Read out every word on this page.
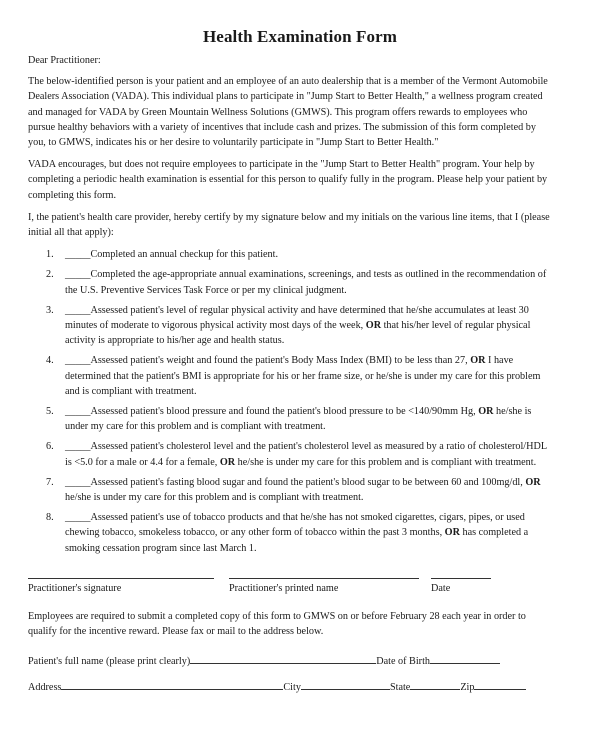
Health Examination Form

Dear Practitioner:

The below-identified person is your patient and an employee of an auto dealership that is a member of the Vermont Automobile Dealers Association (VADA). This individual plans to participate in "Jump Start to Better Health," a wellness program created and managed for VADA by Green Mountain Wellness Solutions (GMWS). This program offers rewards to employees who pursue healthy behaviors with a variety of incentives that include cash and prizes. The submission of this form completed by you, to GMWS, indicates his or her desire to voluntarily participate in "Jump Start to Better Health."

VADA encourages, but does not require employees to participate in the "Jump Start to Better Health" program. Your help by completing a periodic health examination is essential for this person to qualify fully in the program. Please help your patient by completing this form.

I, the patient's health care provider, hereby certify by my signature below and my initials on the various line items, that I (please initial all that apply):

1. _____Completed an annual checkup for this patient.
2. _____Completed the age-appropriate annual examinations, screenings, and tests as outlined in the recommendation of the U.S. Preventive Services Task Force or per my clinical judgment.
3. _____Assessed patient's level of regular physical activity and have determined that he/she accumulates at least 30 minutes of moderate to vigorous physical activity most days of the week, OR that his/her level of regular physical activity is appropriate to his/her age and health status.
4. _____Assessed patient's weight and found the patient's Body Mass Index (BMI) to be less than 27, OR I have determined that the patient's BMI is appropriate for his or her frame size, or he/she is under my care for this problem and is compliant with treatment.
5. _____Assessed patient's blood pressure and found the patient's blood pressure to be <140/90mm Hg, OR he/she is under my care for this problem and is compliant with treatment.
6. _____Assessed patient's cholesterol level and the patient's cholesterol level as measured by a ratio of cholesterol/HDL is <5.0 for a male or 4.4 for a female, OR he/she is under my care for this problem and is compliant with treatment.
7. _____Assessed patient's fasting blood sugar and found the patient's blood sugar to be between 60 and 100mg/dl, OR he/she is under my care for this problem and is compliant with treatment.
8. _____Assessed patient's use of tobacco products and that he/she has not smoked cigarettes, cigars, pipes, or used chewing tobacco, smokeless tobacco, or any other form of tobacco within the past 3 months, OR has completed a smoking cessation program since last March 1.
Practitioner's signature	Practitioner's printed name	Date
Employees are required to submit a completed copy of this form to GMWS on or before February 28 each year in order to qualify for the incentive reward. Please fax or mail to the address below.
Patient's full name (please print clearly)	Date of Birth
Address	City	State	Zip
